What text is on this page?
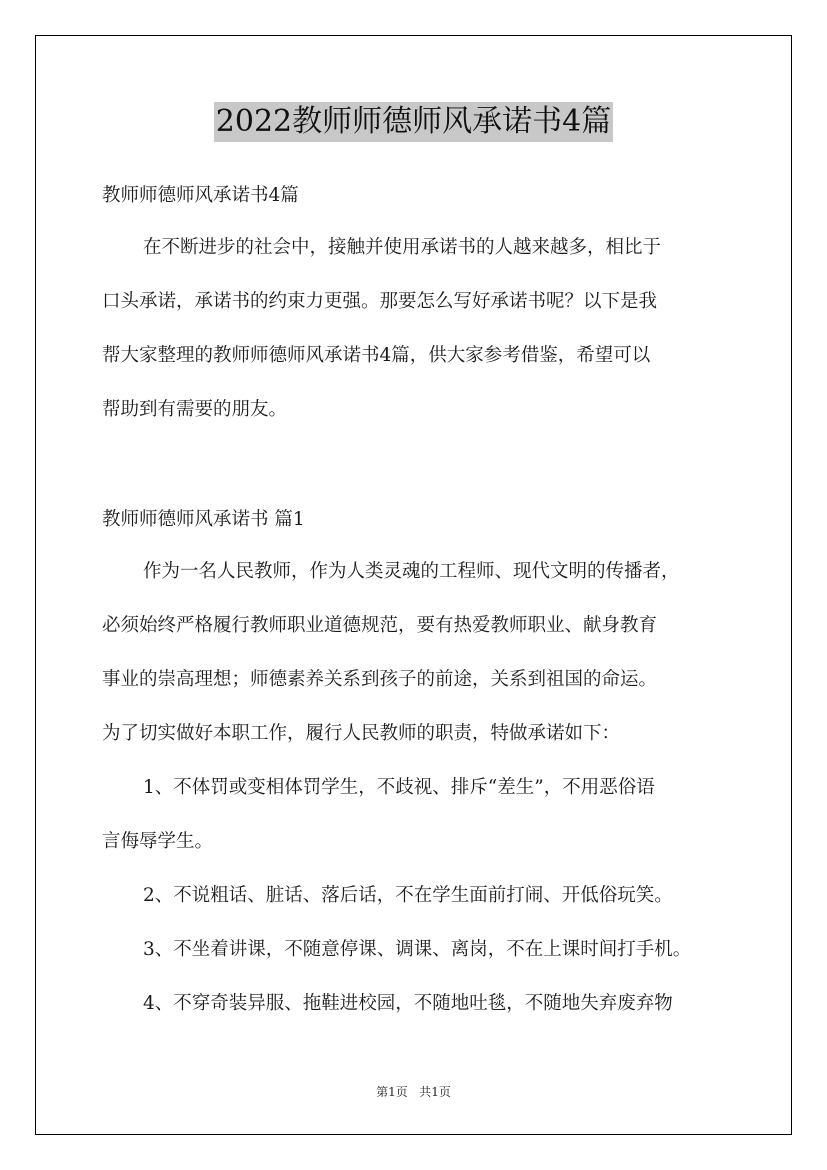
2022教师师德师风承诺书4篇
教师师德师风承诺书4篇
在不断进步的社会中，接触并使用承诺书的人越来越多，相比于
口头承诺，承诺书的约束力更强。那要怎么写好承诺书呢？以下是我
帮大家整理的教师师德师风承诺书4篇，供大家参考借鉴，希望可以
帮助到有需要的朋友。
教师师德师风承诺书 篇1
作为一名人民教师，作为人类灵魂的工程师、现代文明的传播者，
必须始终严格履行教师职业道德规范，要有热爱教师职业、献身教育
事业的崇高理想；师德素养关系到孩子的前途，关系到祖国的命运。
为了切实做好本职工作，履行人民教师的职责，特做承诺如下：
1、不体罚或变相体罚学生，不歧视、排斥“差生”，不用恶俗语
言侮辱学生。
2、不说粗话、脏话、落后话，不在学生面前打闹、开低俗玩笑。
3、不坐着讲课，不随意停课、调课、离岗，不在上课时间打手机。
4、不穿奇装异服、拖鞋进校园，不随地吐毯，不随地失弃废弃物
第1页 共1页
